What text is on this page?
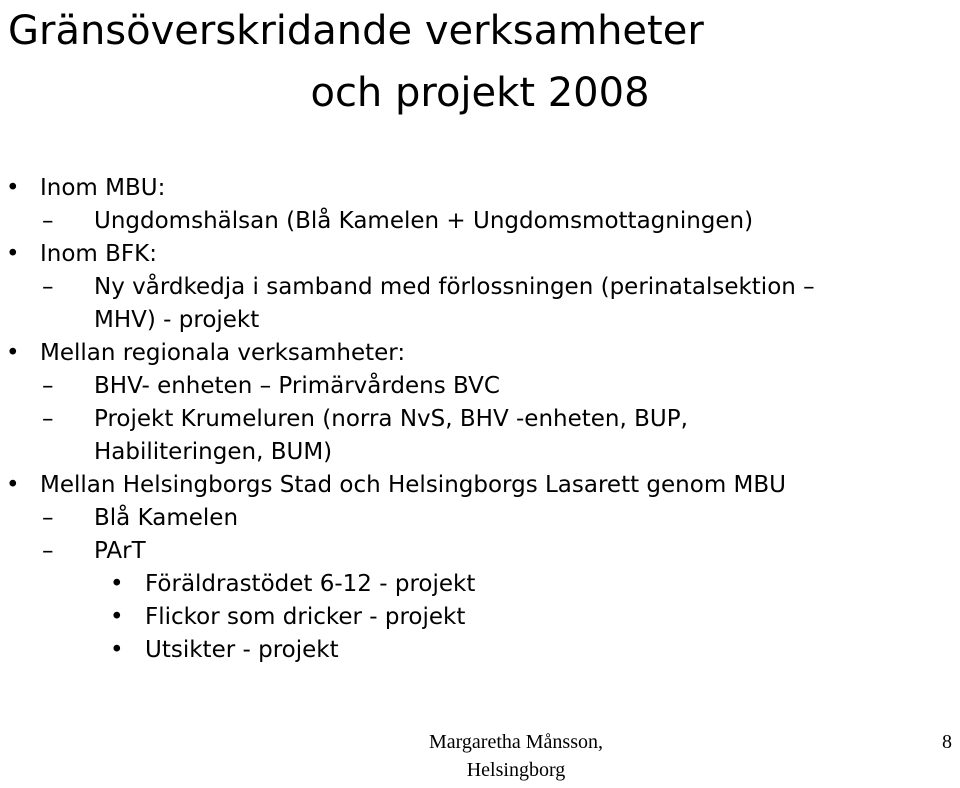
Gränsöverskridande verksamheter
och projekt 2008
• Inom MBU:
– Ungdomshälsan (Blå Kamelen + Ungdomsmottagningen)
• Inom BFK:
– Ny vårdkedja i samband med förlossningen (perinatalsektion –
MHV) - projekt
• Mellan regionala verksamheter:
– BHV- enheten – Primärvårdens BVC
– Projekt Krumeluren (norra NvS, BHV -enheten, BUP,
Habiliteringen, BUM)
• Mellan Helsingborgs Stad och Helsingborgs Lasarett genom MBU
– Blå Kamelen
– PArT
• Föräldrastödet 6-12 - projekt
• Flickor som dricker - projekt
• Utsikter - projekt
Margaretha Månsson,
Helsingborg
8
